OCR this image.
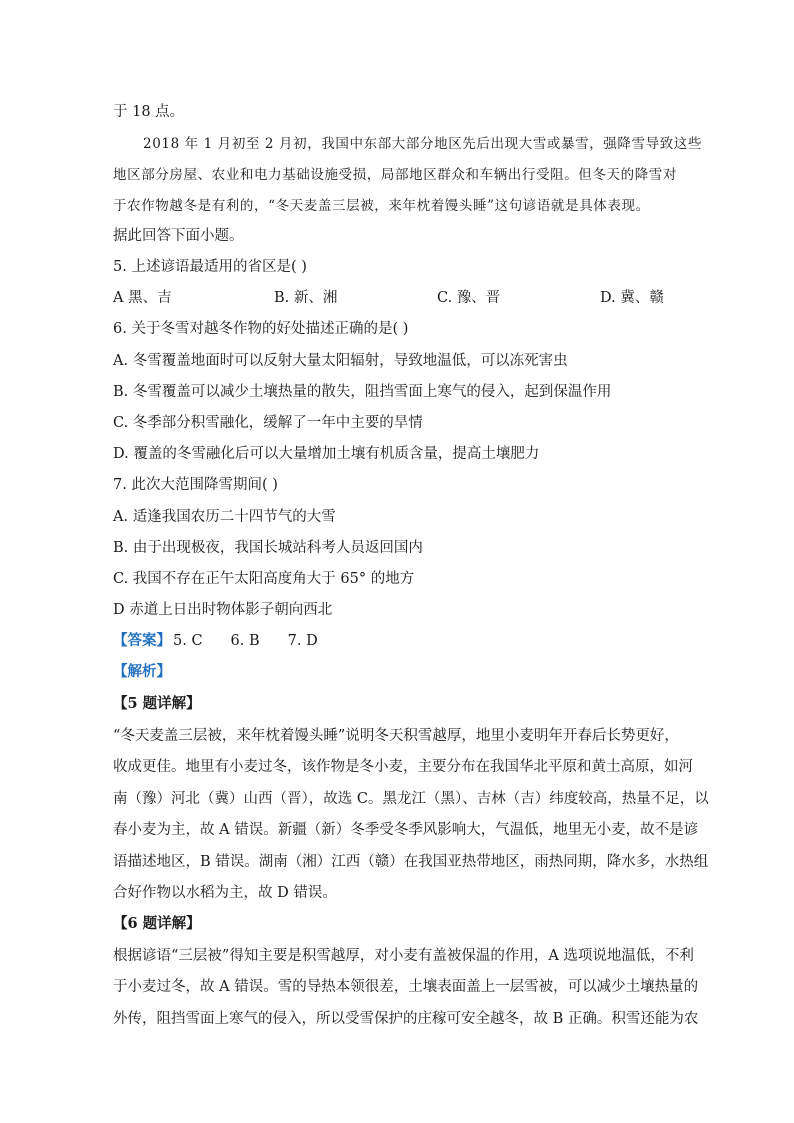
于 18 点。
2018 年 1 月初至 2 月初，我国中东部大部分地区先后出现大雪或暴雪，强降雪导致这些
地区部分房屋、农业和电力基础设施受损，局部地区群众和车辆出行受阻。但冬天的降雪对
于农作物越冬是有利的，“冬天麦盖三层被，来年枕着馒头睡”这句谚语就是具体表现。
据此回答下面小题。
5. 上述谚语最适用的省区是( )
A 黑、吉	B. 新、湘	C. 豫、晋	D. 冀、赣
6. 关于冬雪对越冬作物的好处描述正确的是( )
A. 冬雪覆盖地面时可以反射大量太阳辐射，导致地温低，可以冻死害虫
B. 冬雪覆盖可以减少土壤热量的散失，阻挡雪面上寒气的侵入，起到保温作用
C. 冬季部分积雪融化，缓解了一年中主要的旱情
D. 覆盖的冬雪融化后可以大量增加土壤有机质含量，提高土壤肥力
7. 此次大范围降雪期间( )
A. 适逢我国农历二十四节气的大雪
B. 由于出现极夜，我国长城站科考人员返回国内
C. 我国不存在正午太阳高度角大于 65° 的地方
D 赤道上日出时物体影子朝向西北
【答案】 5. C 6. B 7. D
【解析】
【5 题详解】
“冬天麦盖三层被，来年枕着馒头睡”说明冬天积雪越厚，地里小麦明年开春后长势更好，
收成更佳。地里有小麦过冬，该作物是冬小麦，主要分布在我国华北平原和黄土高原，如河
南（豫）河北（冀）山西（晋），故选 C。黑龙江（黑）、吉林（吉）纬度较高，热量不足，以
春小麦为主，故 A 错误。新疆（新）冬季受冬季风影响大，气温低，地里无小麦，故不是谚
语描述地区，B 错误。湖南（湘）江西（赣）在我国亚热带地区，雨热同期，降水多，水热组
合好作物以水稻为主，故 D 错误。
【6 题详解】
根据谚语“三层被”得知主要是积雪越厚，对小麦有盖被保温的作用，A 选项说地温低，不利
于小麦过冬，故 A 错误。雪的导热本领很差，土壤表面盖上一层雪被，可以减少土壤热量的
外传，阻挡雪面上寒气的侵入，所以受雪保护的庄稼可安全越冬，故 B 正确。积雪还能为农
